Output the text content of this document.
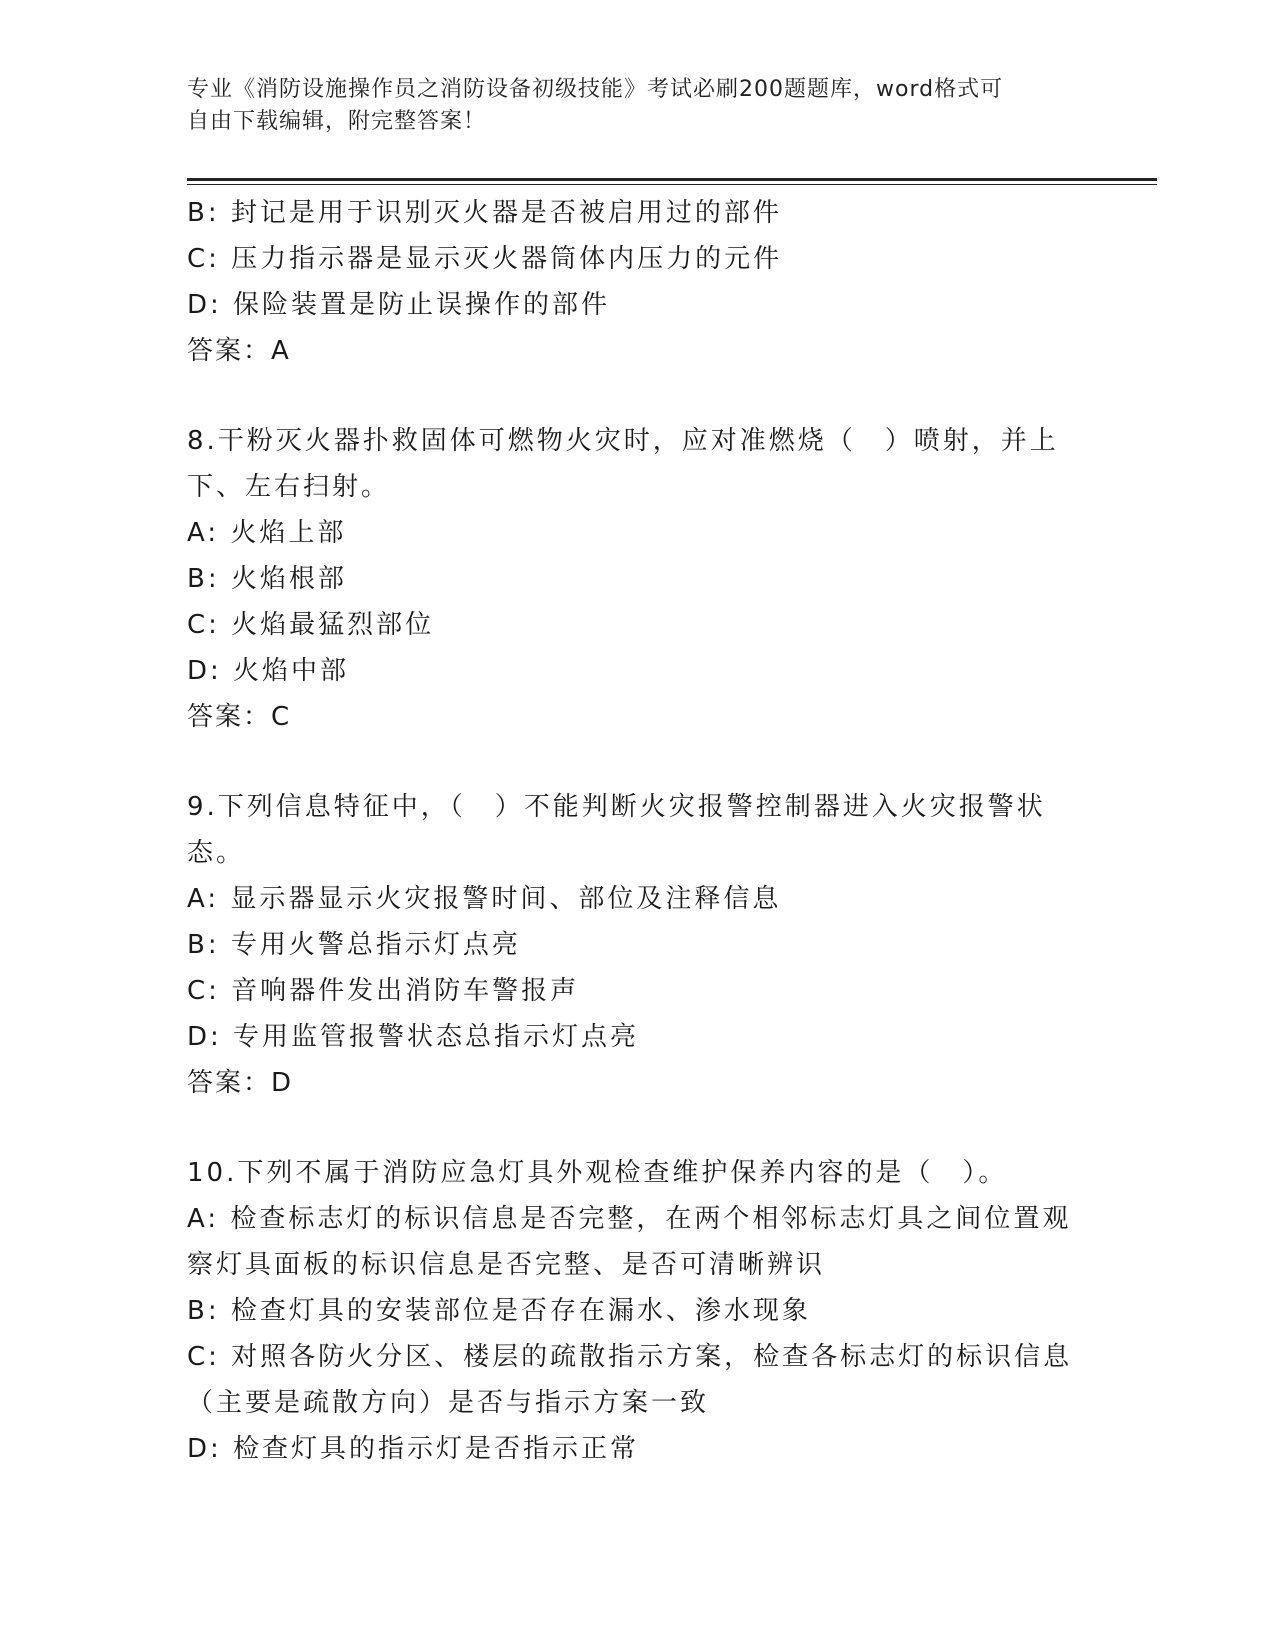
专业《消防设施操作员之消防设备初级技能》考试必刷200题题库，word格式可
自由下载编辑，附完整答案！

B: 封记是用于识别灭火器是否被启用过的部件

C: 压力指示器是显示灭火器筒体内压力的元件

D: 保险装置是防止误操作的部件

答案：A

8.干粉灭火器扑救固体可燃物火灾时，应对准燃烧（　）喷射，并上

下、左右扫射。

A: 火焰上部

B: 火焰根部

C: 火焰最猛烈部位

D: 火焰中部

答案：C

9.下列信息特征中，（　）不能判断火灾报警控制器进入火灾报警状

态。

A: 显示器显示火灾报警时间、部位及注释信息

B: 专用火警总指示灯点亮

C: 音响器件发出消防车警报声

D: 专用监管报警状态总指示灯点亮

答案：D

10.下列不属于消防应急灯具外观检查维护保养内容的是（　）。

A: 检查标志灯的标识信息是否完整，在两个相邻标志灯具之间位置观

察灯具面板的标识信息是否完整、是否可清晰辨识

B: 检查灯具的安装部位是否存在漏水、渗水现象

C: 对照各防火分区、楼层的疏散指示方案，检查各标志灯的标识信息

（主要是疏散方向）是否与指示方案一致

D: 检查灯具的指示灯是否指示正常
